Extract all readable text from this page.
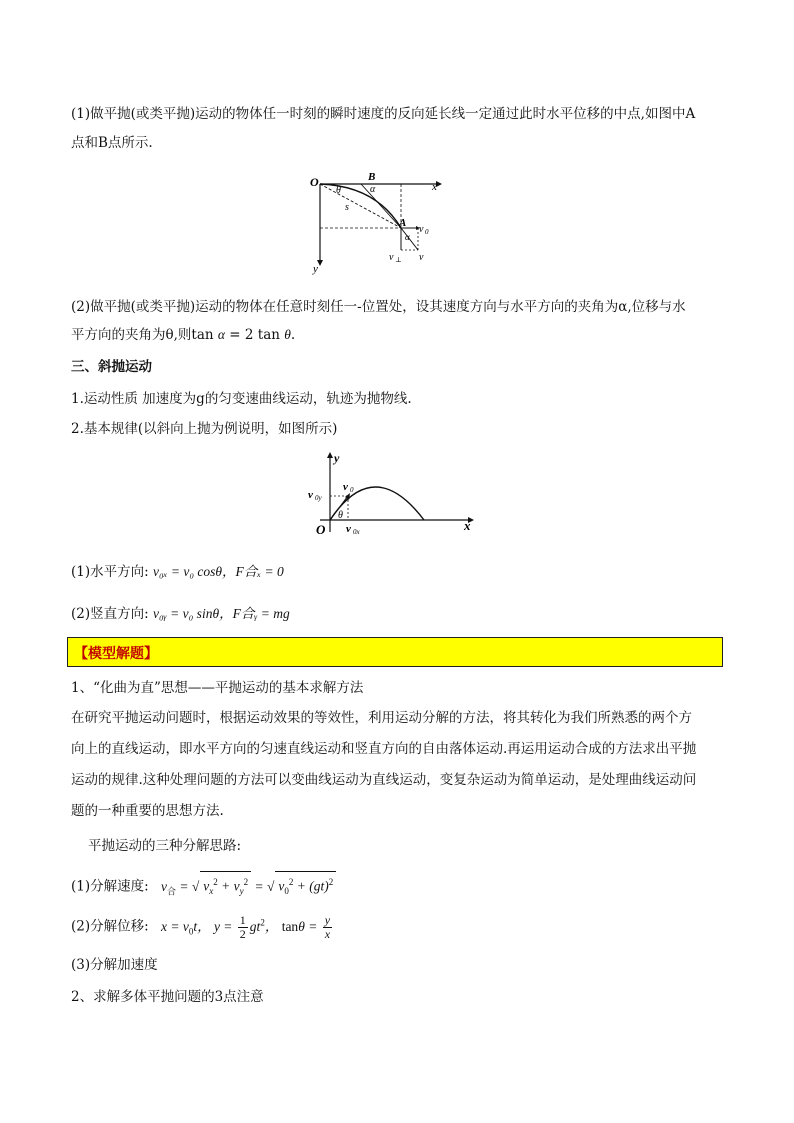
(1)做平抛(或类平抛)运动的物体任一时刻的瞬时速度的反向延长线一定通过此时水平位移的中点,如图中A
点和B点所示.
O	B
α	x
θ
s
A
v 0
α
v ⊥ v
y
(2)做平抛(或类平抛)运动的物体在任意时刻任一-位置处，设其速度方向与水平方向的夹角为α,位移与水
平方向的夹角为θ,则tan α = 2 tan θ.
三、斜抛运动
1.运动性质 加速度为g的匀变速曲线运动，轨迹为抛物线.
2.基本规律(以斜向上抛为例说明，如图所示)
y
v 0y
v 0
θ
O v 0x	x
(1)水平方向: v₀ₓ = v₀ cosθ，F合ₓ = 0
(2)竖直方向: v₀ᵧ = v₀ sinθ，F合ᵧ = mg
【模型解题】
1、“化曲为直”思想——平抛运动的基本求解方法
在研究平抛运动问题时，根据运动效果的等效性，利用运动分解的方法，将其转化为我们所熟悉的两个方
向上的直线运动，即水平方向的匀速直线运动和竖直方向的自由落体运动.再运用运动合成的方法求出平抛
运动的规律.这种处理问题的方法可以变曲线运动为直线运动，变复杂运动为简单运动，是处理曲线运动问
题的一种重要的思想方法.
平抛运动的三种分解思路:
(1)分解速度: $v_合$ = √ $v_x^2 + v_y^2$ = √ $v_0^2 + (gt)^2$
(2)分解位移: $x = v_0t$， $y = \frac{1}{2} gt^2$， $\tan\theta = \frac{y}{x}$
(3)分解加速度
2、求解多体平抛问题的3点注意
